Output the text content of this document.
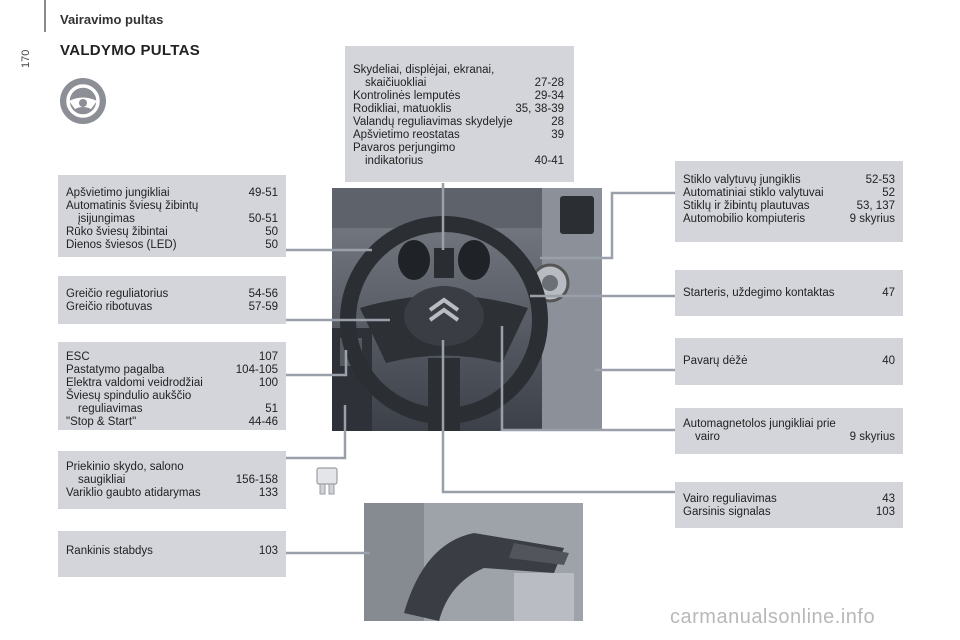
Vairavimo pultas
170 VALDYMO PULTAS
Skydeliai, displėjai, ekranai,
skaičiuokliai	27-28
Kontrolinės lemputės	29-34
Rodikliai, matuoklis	35, 38-39
Valandų reguliavimas skydelyje	28
Apšvietimo reostatas	39
Pavaros perjungimo
indikatorius	40-41
Apšvietimo jungikliai	49-51
Automatinis šviesų žibintų
įsijungimas	50-51
Rūko šviesų žibintai	50
Dienos šviesos (LED)	50
Greičio reguliatorius	54-56
Greičio ribotuvas	57-59
ESC	107
Pastatymo pagalba	104-105
Elektra valdomi veidrodžiai	100
Šviesų spindulio aukščio
reguliavimas	51
"Stop & Start"	44-46
Priekinio skydo, salono
saugikliai	156-158
Variklio gaubto atidarymas	133
Rankinis stabdys	103
Stiklo valytuvų jungiklis	52-53
Automatiniai stiklo valytuvai	52
Stiklų ir žibintų plautuvas	53, 137
Automobilio kompiuteris	9 skyrius
Starteris, uždegimo kontaktas	47
Pavarų dėžė	40
Automagnetolos jungikliai prie
vairo	9 skyrius
Vairo reguliavimas	43
Garsinis signalas	103
carmanualsonline.info
